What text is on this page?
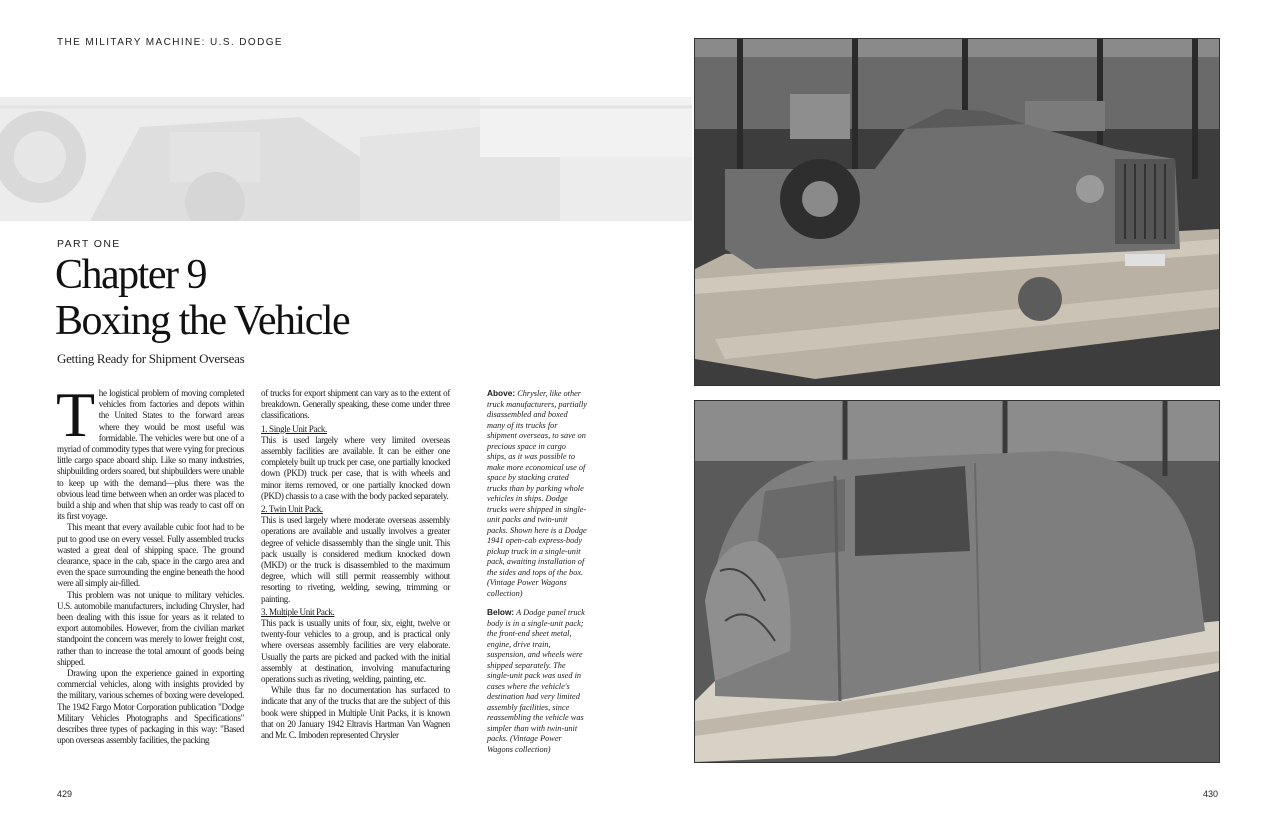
THE MILITARY MACHINE: U.S. DODGE
PART ONE
Chapter 9
Boxing the Vehicle
Getting Ready for Shipment Overseas

The logistical problem of moving completed vehicles from factories and depots within the United States to the forward areas where they would be most useful was formidable. The vehicles were but one of a myriad of commodity types that were vying for precious little cargo space aboard ship. Like so many industries, shipbuilding orders soared, but shipbuilders were unable to keep up with the demand—plus there was the obvious lead time between when an order was placed to build a ship and when that ship was ready to cast off on its first voyage.

This meant that every available cubic foot had to be put to good use on every vessel. Fully assembled trucks wasted a great deal of shipping space. The ground clearance, space in the cab, space in the cargo area and even the space surrounding the engine beneath the hood were all simply air-filled.

This problem was not unique to military vehicles. U.S. automobile manufacturers, including Chrysler, had been dealing with this issue for years as it related to export automobiles. However, from the civilian market standpoint the concern was merely to lower freight cost, rather than to increase the total amount of goods being shipped.

Drawing upon the experience gained in exporting commercial vehicles, along with insights provided by the military, various schemes of boxing were developed. The 1942 Fargo Motor Corporation publication "Dodge Military Vehicles Photographs and Specifications" describes three types of packaging in this way: "Based upon overseas assembly facilities, the packing

of trucks for export shipment can vary as to the extent of breakdown. Generally speaking, these come under three classifications.

1. Single Unit Pack.

This is used largely where very limited overseas assembly facilities are available. It can be either one completely built up truck per case, one partially knocked down (PKD) truck per case, that is with wheels and minor items removed, or one partially knocked down (PKD) chassis to a case with the body packed separately.

2. Twin Unit Pack.

This is used largely where moderate overseas assembly operations are available and usually involves a greater degree of vehicle disassembly than the single unit. This pack usually is considered medium knocked down (MKD) or the truck is disassembled to the maximum degree, which will still permit reassembly without resorting to riveting, welding, sewing, trimming or painting.

3. Multiple Unit Pack.

This pack is usually units of four, six, eight, twelve or twenty-four vehicles to a group, and is practical only where overseas assembly facilities are very elaborate. Usually the parts are picked and packed with the initial assembly at destination, involving manufacturing operations such as riveting, welding, painting, etc.

While thus far no documentation has surfaced to indicate that any of the trucks that are the subject of this book were shipped in Multiple Unit Packs, it is known that on 20 January 1942 Eltravis Hartman Van Wagnen and Mr. C. Imboden represented Chrysler

Above: Chrysler, like other truck manufacturers, partially disassembled and boxed many of its trucks for shipment overseas, to save on precious space in cargo ships, as it was possible to make more economical use of space by stacking crated trucks than by parking whole vehicles in ships. Dodge trucks were shipped in single-unit packs and twin-unit packs. Shown here is a Dodge 1941 open-cab express-body pickup truck in a single-unit pack, awaiting installation of the sides and tops of the box. (Vintage Power Wagons collection)

Below: A Dodge panel truck body is in a single-unit pack; the front-end sheet metal, engine, drive train, suspension, and wheels were shipped separately. The single-unit pack was used in cases where the vehicle's destination had very limited assembly facilities, since reassembling the vehicle was simpler than with twin-unit packs. (Vintage Power Wagons collection)

429	430
